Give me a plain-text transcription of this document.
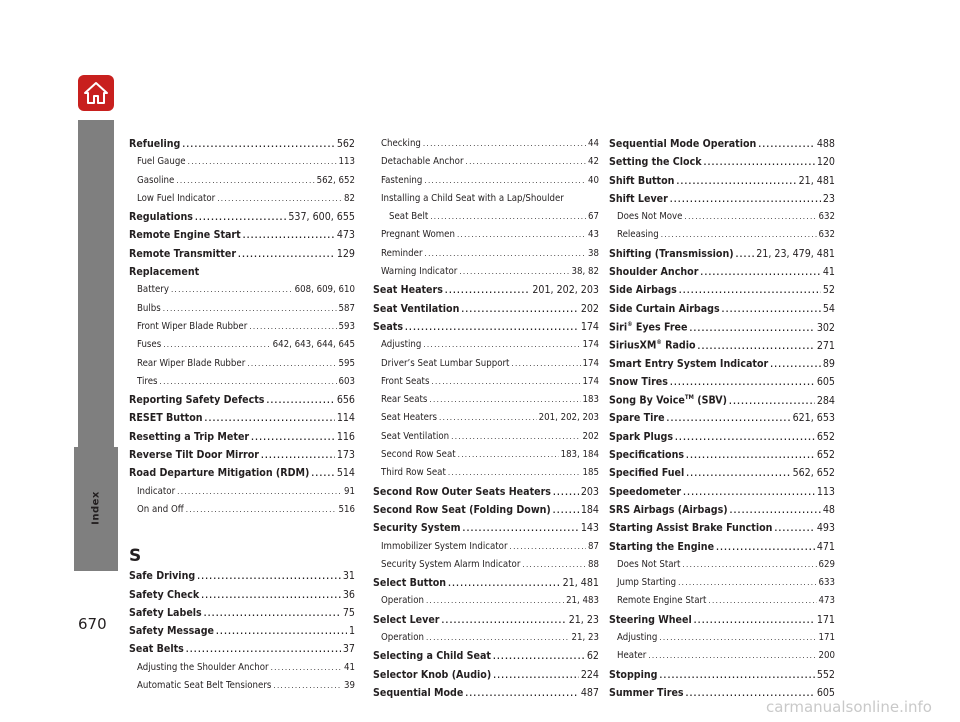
Index
Refueling .....	562
Fuel Gauge .....	113
Gasoline .....	562, 652
Low Fuel Indicator .....	82
Regulations .....	537, 600, 655
Remote Engine Start .....	473
Remote Transmitter .....	129
Replacement
Battery .....	608, 609, 610
Bulbs .....	587
Front Wiper Blade Rubber .....	593
Fuses .....	642, 643, 644, 645
Rear Wiper Blade Rubber .....	595
Tires .....	603
Reporting Safety Defects .....	656
RESET Button .....	114
Resetting a Trip Meter .....	116
Reverse Tilt Door Mirror .....	173
Road Departure Mitigation (RDM) .....	514
Indicator .....	91
On and Off .....	516
S
Safe Driving .....	31
Safety Check .....	36
Safety Labels .....	75
Safety Message .....	1
Seat Belts .....	37
Adjusting the Shoulder Anchor .....	41
Automatic Seat Belt Tensioners .....	39
Checking .....	44
Detachable Anchor .....	42
Fastening .....	40
Installing a Child Seat with a Lap/Shoulder
Seat Belt .....	67
Pregnant Women .....	43
Reminder .....	38
Warning Indicator .....	38, 82
Seat Heaters .....	201, 202, 203
Seat Ventilation .....	202
Seats .....	174
Adjusting .....	174
Driver’s Seat Lumbar Support .....	174
Front Seats .....	174
Rear Seats .....	183
Seat Heaters .....	201, 202, 203
Seat Ventilation .....	202
Second Row Seat .....	183, 184
Third Row Seat .....	185
Second Row Outer Seats Heaters .....	203
Second Row Seat (Folding Down) .....	184
Security System .....	143
Immobilizer System Indicator .....	87
Security System Alarm Indicator .....	88
Select Button .....	21, 481
Operation .....	21, 483
Select Lever .....	21, 23
Operation .....	21, 23
Selecting a Child Seat .....	62
Selector Knob (Audio) .....	224
Sequential Mode .....	487
Sequential Mode Operation .....	488
Setting the Clock .....	120
Shift Button .....	21, 481
Shift Lever .....	23
Does Not Move .....	632
Releasing .....	632
Shifting (Transmission) ..... 21, 23, 479, 481
Shoulder Anchor .....	41
Side Airbags .....	52
Side Curtain Airbags .....	54
Siri® Eyes Free .....	302
SiriusXM® Radio .....	271
Smart Entry System Indicator .....	89
Snow Tires .....	605
Song By Voice™ (SBV) .....	284
Spare Tire .....	621, 653
Spark Plugs .....	652
Specifications .....	652
Specified Fuel .....	562, 652
Speedometer .....	113
SRS Airbags (Airbags) .....	48
Starting Assist Brake Function .....	493
Starting the Engine .....	471
Does Not Start .....	629
Jump Starting .....	633
Remote Engine Start .....	473
Steering Wheel .....	171
Adjusting .....	171
Heater .....	200
Stopping .....	552
Summer Tires .....	605
670
carmanualsonline.info
